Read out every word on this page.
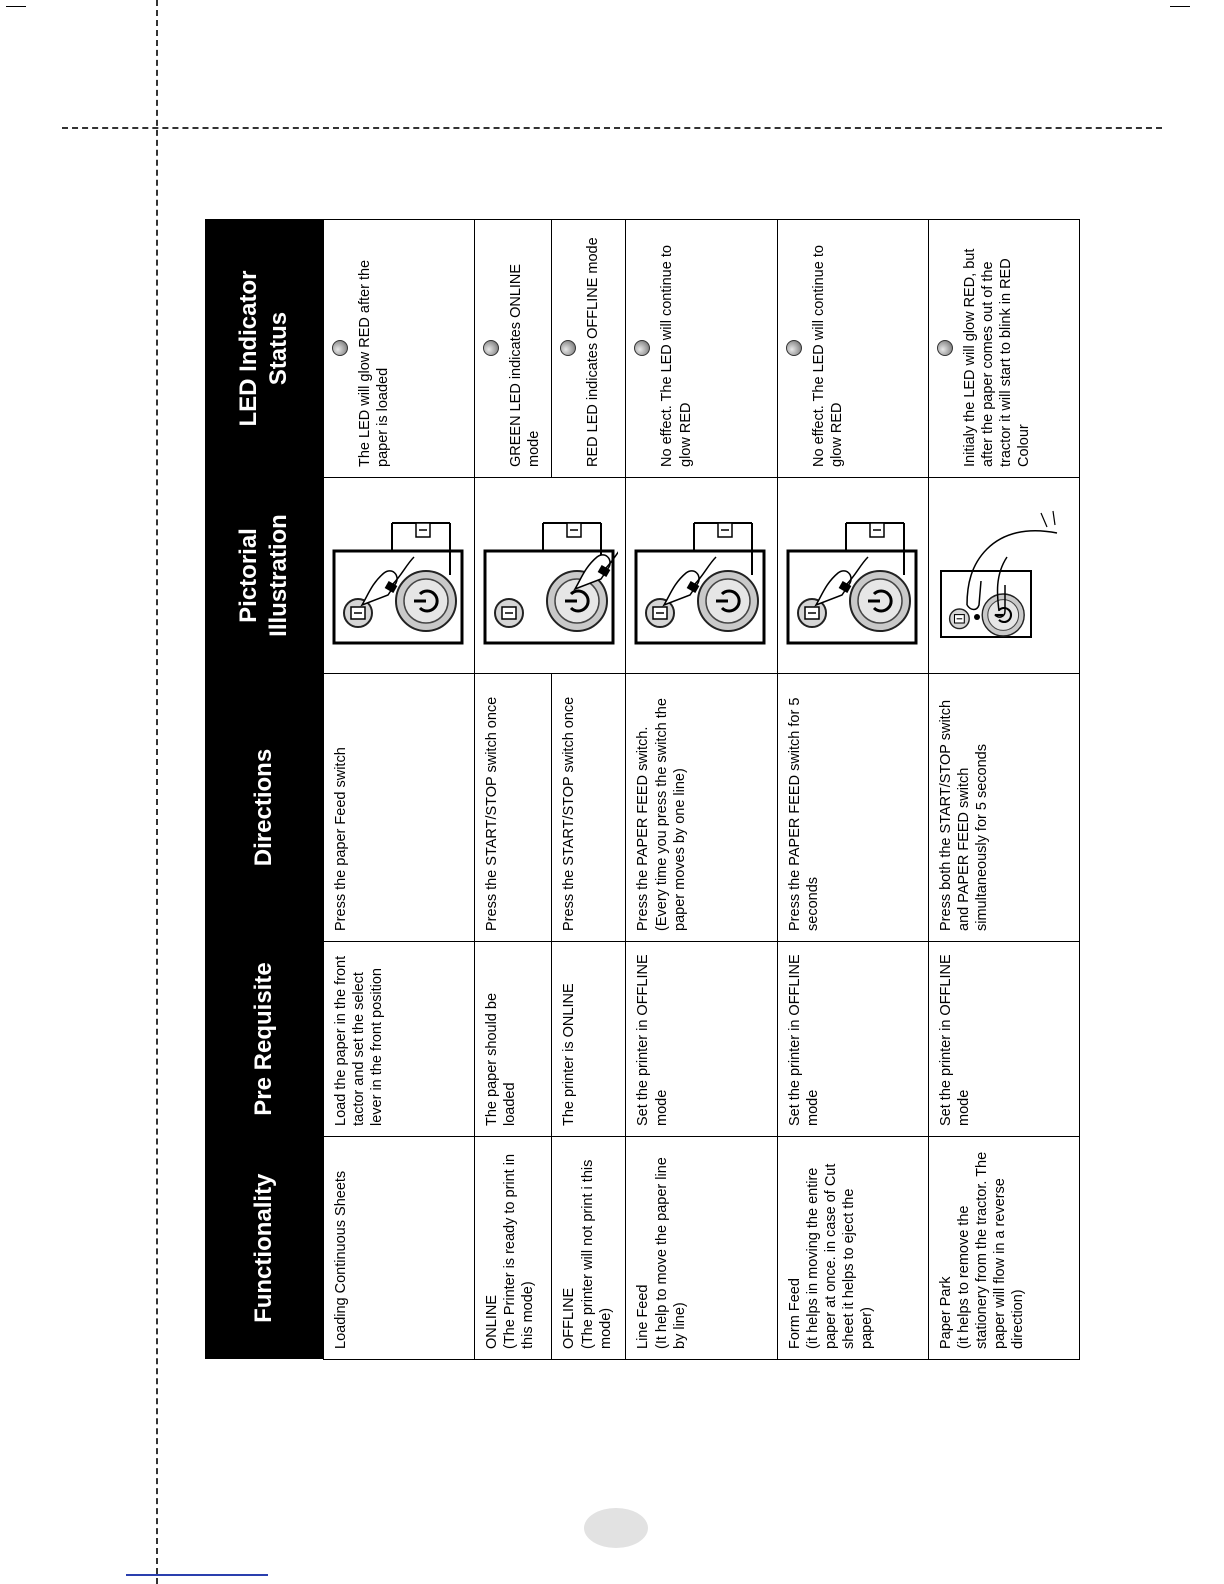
Functionality	Pre Requisite	Directions	Pictorial
Illustration	LED Indicator
Status
Loading Continuous Sheets	Load the paper in the front tactor and set the select lever in the front position	Press the paper Feed switch		The LED will glow RED after the paper is loaded

ONLINE
(The Printer is ready to print in this mode)	The paper should be loaded	Press the START/STOP switch once		GREEN LED indicates ONLINE mode

OFFLINE
(The printer will not print i this mode)	The printer is ONLINE	Press the START/STOP switch once		RED LED indicates OFFLINE mode

Line Feed
(It help to move the paper line by line)	Set the printer in OFFLINE mode	Press the PAPER FEED switch.
(Every time you press the switch the paper moves by one line)		No effect. The LED will continue to glow RED

Form Feed
(it helps in moving the entire paper at once. in case of Cut sheet it helps to eject the paper)	Set the printer in OFFLINE mode	Press the PAPER FEED switch for 5 seconds		No effect. The LED will continue to glow RED

Paper Park
(it helps to remove the stationery from the tractor. The paper will flow in a reverse direction)	Set the printer in OFFLINE mode	Press both the START/STOP switch and PAPER FEED switch simultaneously for 5 seconds		Initialy the LED will glow RED, but after the paper comes out of the tractor it will start to blink in RED Colour
